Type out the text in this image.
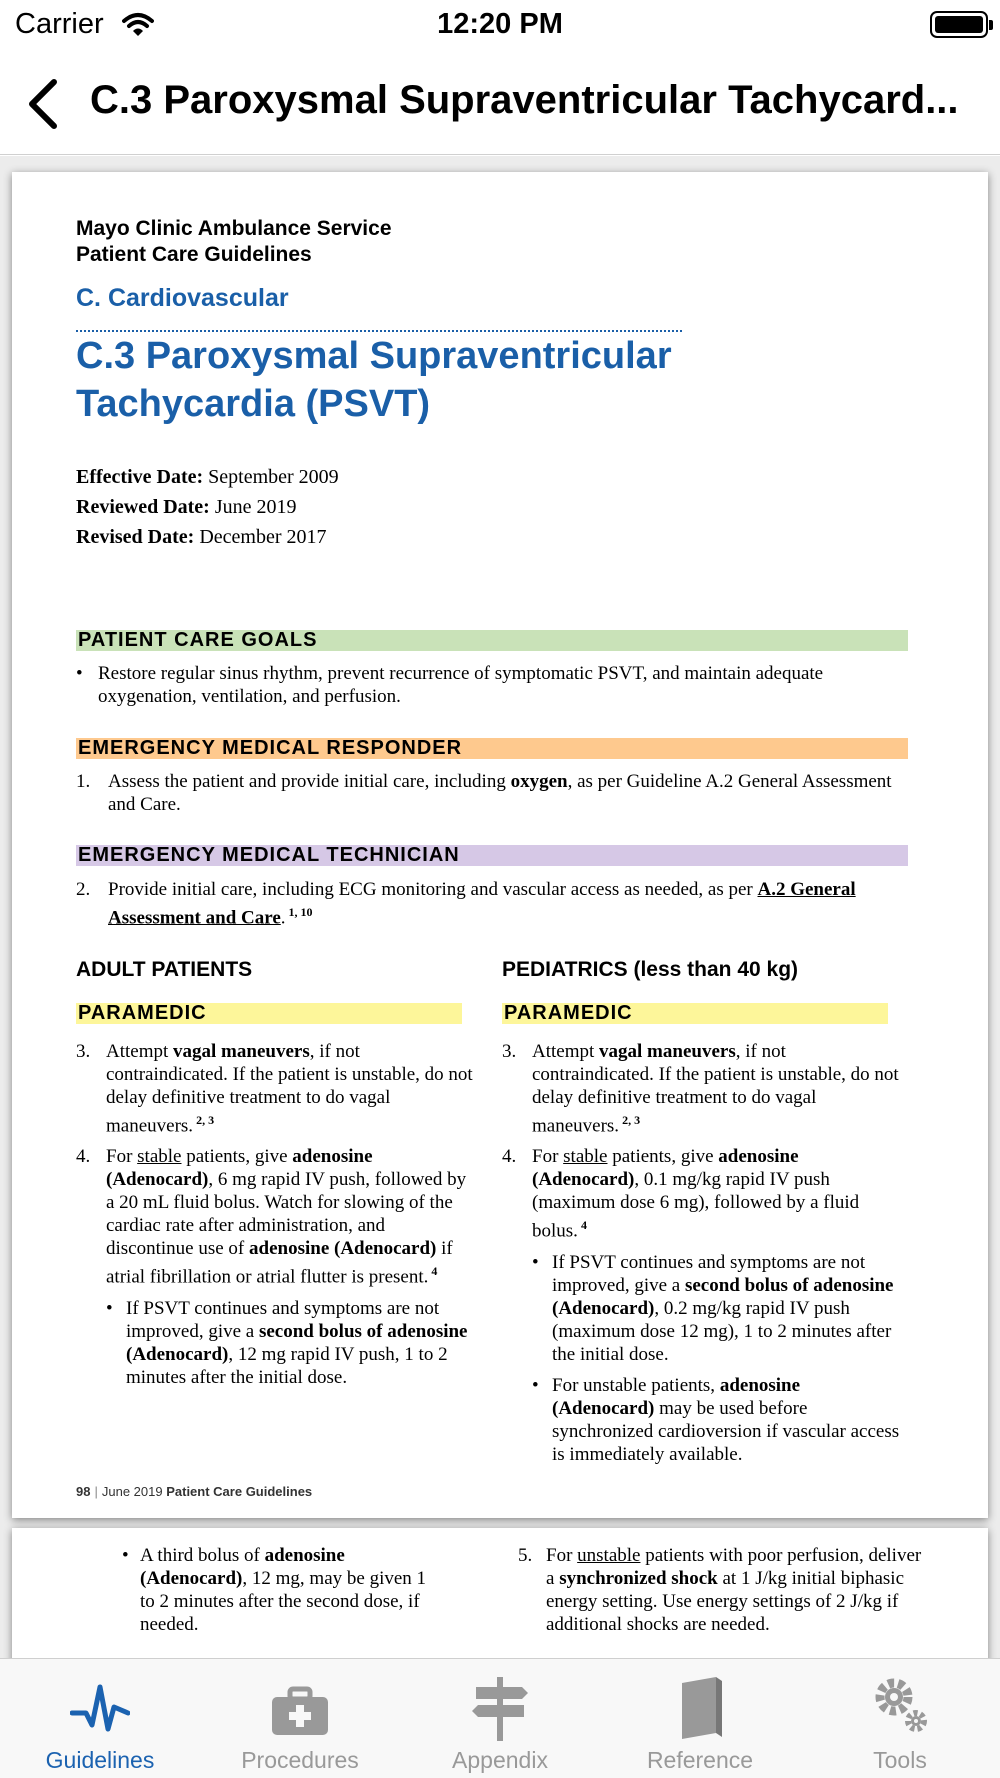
Carrier	12:20 PM
C.3 Paroxysmal Supraventricular Tachycard...
Mayo Clinic Ambulance Service
Patient Care Guidelines
C. Cardiovascular
C.3 Paroxysmal Supraventricular
Tachycardia (PSVT)
Effective Date: September 2009
Reviewed Date: June 2019
Revised Date: December 2017
PATIENT CARE GOALS
• Restore regular sinus rhythm, prevent recurrence of symptomatic PSVT, and maintain adequate oxygenation, ventilation, and perfusion.
EMERGENCY MEDICAL RESPONDER
1. Assess the patient and provide initial care, including oxygen, as per Guideline A.2 General Assessment and Care.
EMERGENCY MEDICAL TECHNICIAN
2. Provide initial care, including ECG monitoring and vascular access as needed, as per A.2 General Assessment and Care. $^{1, 10}$
ADULT PATIENTS	PEDIATRICS (less than 40 kg)
PARAMEDIC	PARAMEDIC
3. Attempt vagal maneuvers, if not contraindicated. If the patient is unstable, do not delay definitive treatment to do vagal maneuvers. $^{2, 3}$
4. For stable patients, give adenosine (Adenocard), 6 mg rapid IV push, followed by a 20 mL fluid bolus. Watch for slowing of the cardiac rate after administration, and discontinue use of adenosine (Adenocard) if atrial fibrillation or atrial flutter is present. $^4$
• If PSVT continues and symptoms are not improved, give a second bolus of adenosine (Adenocard), 12 mg rapid IV push, 1 to 2 minutes after the initial dose.
3. Attempt vagal maneuvers, if not contraindicated. If the patient is unstable, do not delay definitive treatment to do vagal maneuvers. $^{2, 3}$
4. For stable patients, give adenosine (Adenocard), 0.1 mg/kg rapid IV push (maximum dose 6 mg), followed by a fluid bolus. $^4$
• If PSVT continues and symptoms are not improved, give a second bolus of adenosine (Adenocard), 0.2 mg/kg rapid IV push (maximum dose 12 mg), 1 to 2 minutes after the initial dose.
• For unstable patients, adenosine (Adenocard) may be used before synchronized cardioversion if vascular access is immediately available.
98 | June 2019 Patient Care Guidelines
• A third bolus of adenosine (Adenocard), 12 mg, may be given 1 to 2 minutes after the second dose, if needed.
5. For unstable patients with poor perfusion, deliver a synchronized shock at 1 J/kg initial biphasic energy setting. Use energy settings of 2 J/kg if additional shocks are needed.
Guidelines	Procedures	Appendix	Reference	Tools
